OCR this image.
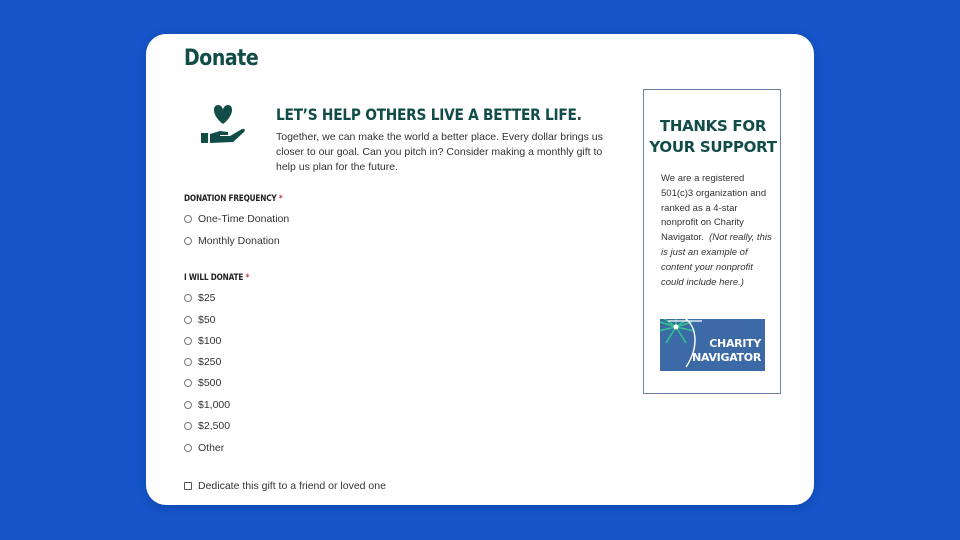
Donate
LET’S HELP OTHERS LIVE A BETTER LIFE.

Together, we can make the world a better place. Every dollar brings us closer to our goal. Can you pitch in? Consider making a monthly gift to help us plan for the future.

DONATION FREQUENCY *
One-Time Donation
Monthly Donation
I WILL DONATE *
$25
$50
$100
$250
$500
$1,000
$2,500
Other
Dedicate this gift to a friend or loved one
THANKS FOR
YOUR SUPPORT

We are a registered 501(c)3 organization and ranked as a 4-star nonprofit on Charity Navigator. (Not really, this is just an example of content your nonprofit could include here.)

CHARITY
NAVIGATOR
